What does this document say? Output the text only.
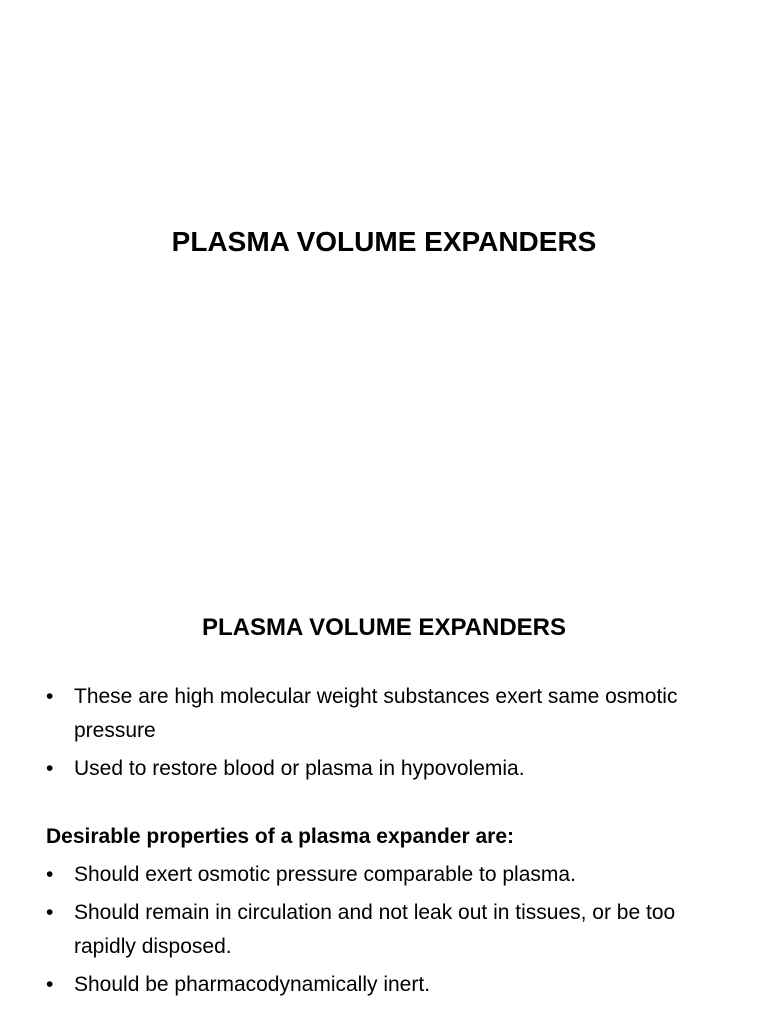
PLASMA VOLUME EXPANDERS
PLASMA VOLUME EXPANDERS
• These are high molecular weight substances exert same osmotic pressure
• Used to restore blood or plasma in hypovolemia.
Desirable properties of a plasma expander are:
• Should exert osmotic pressure comparable to plasma.
• Should remain in circulation and not leak out in tissues, or be too rapidly disposed.
• Should be pharmacodynamically inert.
